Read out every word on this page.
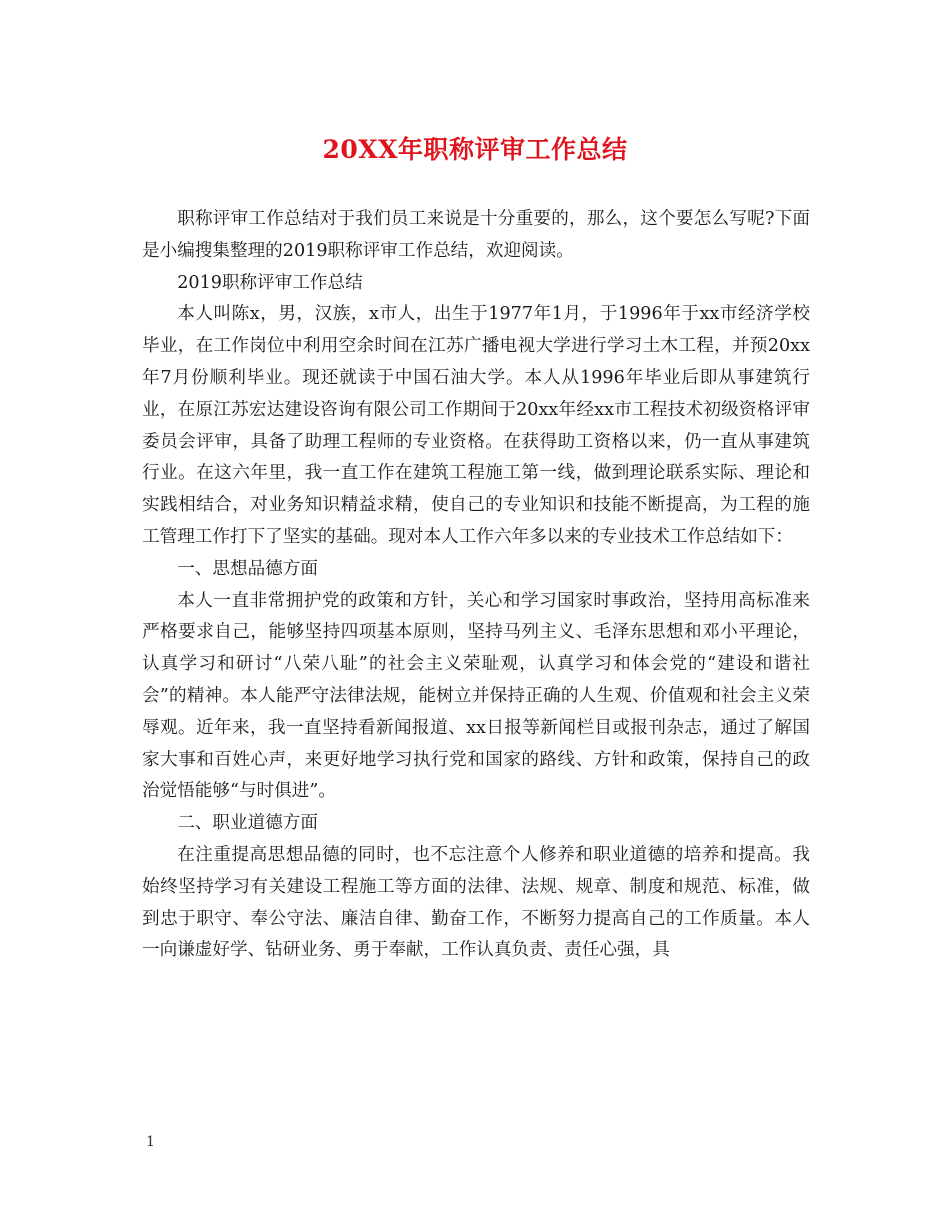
20XX年职称评审工作总结

职称评审工作总结对于我们员工来说是十分重要的，那么，这个要怎么写呢?下面是小编搜集整理的2019职称评审工作总结，欢迎阅读。

2019职称评审工作总结

本人叫陈x，男，汉族，x市人，出生于1977年1月，于1996年于xx市经济学校毕业，在工作岗位中利用空余时间在江苏广播电视大学进行学习土木工程，并预20xx年7月份顺利毕业。现还就读于中国石油大学。本人从1996年毕业后即从事建筑行业，在原江苏宏达建设咨询有限公司工作期间于20xx年经xx市工程技术初级资格评审委员会评审，具备了助理工程师的专业资格。在获得助工资格以来，仍一直从事建筑行业。在这六年里，我一直工作在建筑工程施工第一线，做到理论联系实际、理论和实践相结合，对业务知识精益求精，使自己的专业知识和技能不断提高，为工程的施工管理工作打下了坚实的基础。现对本人工作六年多以来的专业技术工作总结如下：

一、思想品德方面

本人一直非常拥护党的政策和方针，关心和学习国家时事政治，坚持用高标准来严格要求自己，能够坚持四项基本原则，坚持马列主义、毛泽东思想和邓小平理论，认真学习和研讨“八荣八耻”的社会主义荣耻观，认真学习和体会党的“建设和谐社会”的精神。本人能严守法律法规，能树立并保持正确的人生观、价值观和社会主义荣辱观。近年来，我一直坚持看新闻报道、xx日报等新闻栏目或报刊杂志，通过了解国家大事和百姓心声，来更好地学习执行党和国家的路线、方针和政策，保持自己的政治觉悟能够“与时俱进”。

二、职业道德方面

在注重提高思想品德的同时，也不忘注意个人修养和职业道德的培养和提高。我始终坚持学习有关建设工程施工等方面的法律、法规、规章、制度和规范、标准，做到忠于职守、奉公守法、廉洁自律、勤奋工作，不断努力提高自己的工作质量。本人一向谦虚好学、钻研业务、勇于奉献，工作认真负责、责任心强，具

1
